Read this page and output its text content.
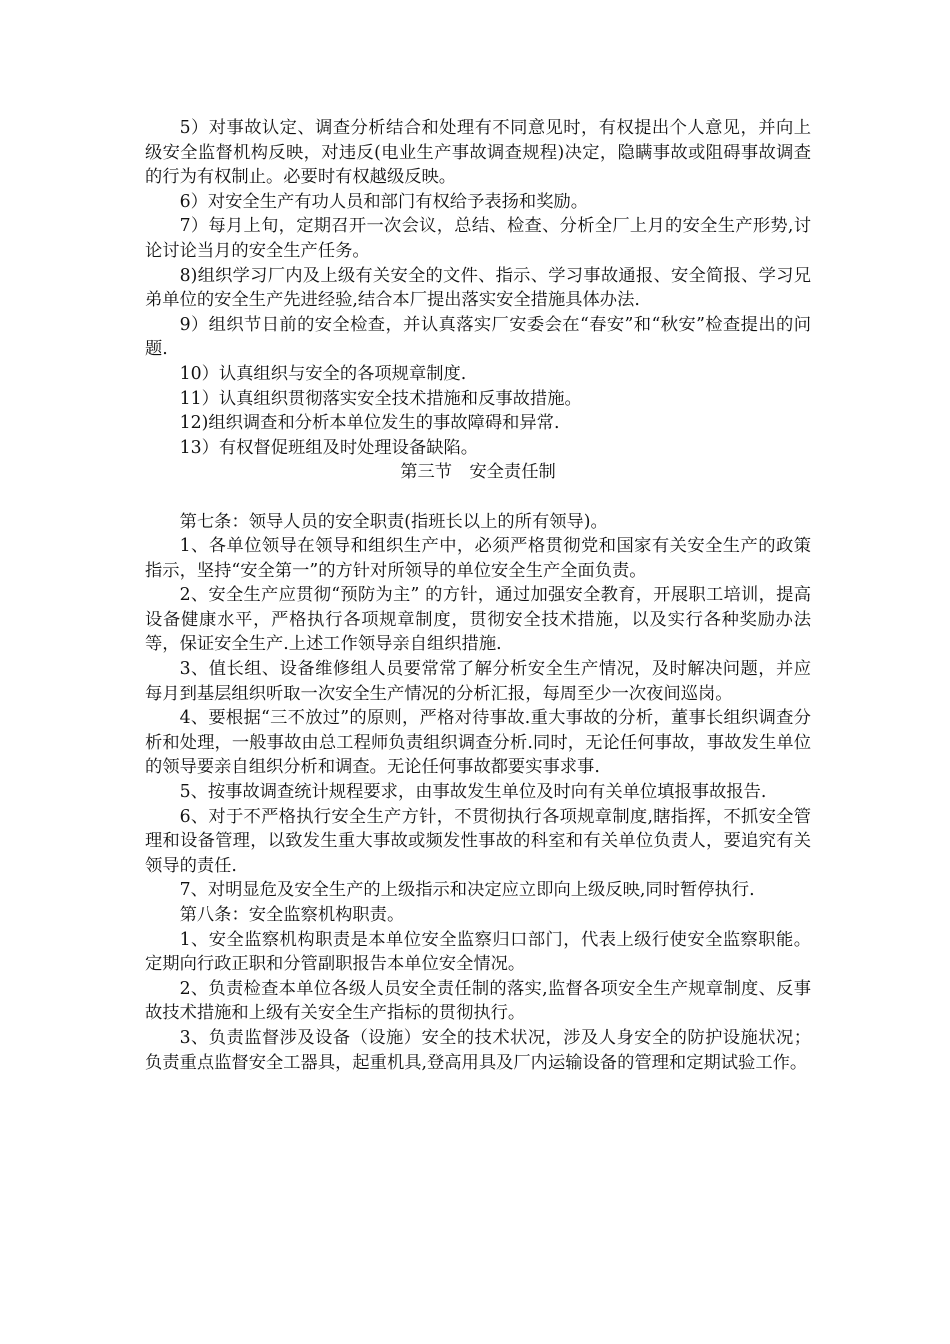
5）对事故认定、调查分析结合和处理有不同意见时，有权提出个人意见，并向上级安全监督机构反映，对违反(电业生产事故调查规程)决定，隐瞒事故或阻碍事故调查的行为有权制止。必要时有权越级反映。

6）对安全生产有功人员和部门有权给予表扬和奖励。

7）每月上旬，定期召开一次会议，总结、检查、分析全厂上月的安全生产形势,讨论讨论当月的安全生产任务。

8)组织学习厂内及上级有关安全的文件、指示、学习事故通报、安全简报、学习兄弟单位的安全生产先进经验,结合本厂提出落实安全措施具体办法.

9）组织节日前的安全检查，并认真落实厂安委会在“春安”和“秋安”检查提出的问题.

10）认真组织与安全的各项规章制度.

11）认真组织贯彻落实安全技术措施和反事故措施。

12)组织调查和分析本单位发生的事故障碍和异常.

13）有权督促班组及时处理设备缺陷。

第三节　安全责任制

第七条：领导人员的安全职责(指班长以上的所有领导)。

1、各单位领导在领导和组织生产中，必须严格贯彻党和国家有关安全生产的政策指示，坚持“安全第一”的方针对所领导的单位安全生产全面负责。

2、安全生产应贯彻“预防为主” 的方针，通过加强安全教育，开展职工培训，提高设备健康水平，严格执行各项规章制度，贯彻安全技术措施，以及实行各种奖励办法等，保证安全生产.上述工作领导亲自组织措施.

3、值长组、设备维修组人员要常常了解分析安全生产情况，及时解决问题，并应每月到基层组织听取一次安全生产情况的分析汇报，每周至少一次夜间巡岗。

4、要根据“三不放过”的原则，严格对待事故.重大事故的分析，董事长组织调查分析和处理，一般事故由总工程师负责组织调查分析.同时，无论任何事故，事故发生单位的领导要亲自组织分析和调查。无论任何事故都要实事求事.

5、按事故调查统计规程要求，由事故发生单位及时向有关单位填报事故报告.

6、对于不严格执行安全生产方针，不贯彻执行各项规章制度,瞎指挥，不抓安全管理和设备管理，以致发生重大事故或频发性事故的科室和有关单位负责人，要追究有关领导的责任.

7、对明显危及安全生产的上级指示和决定应立即向上级反映,同时暂停执行.

第八条：安全监察机构职责。

1、安全监察机构职责是本单位安全监察归口部门，代表上级行使安全监察职能。定期向行政正职和分管副职报告本单位安全情况。

2、负责检查本单位各级人员安全责任制的落实,监督各项安全生产规章制度、反事故技术措施和上级有关安全生产指标的贯彻执行。

3、负责监督涉及设备（设施）安全的技术状况，涉及人身安全的防护设施状况；负责重点监督安全工器具，起重机具,登高用具及厂内运输设备的管理和定期试验工作。
